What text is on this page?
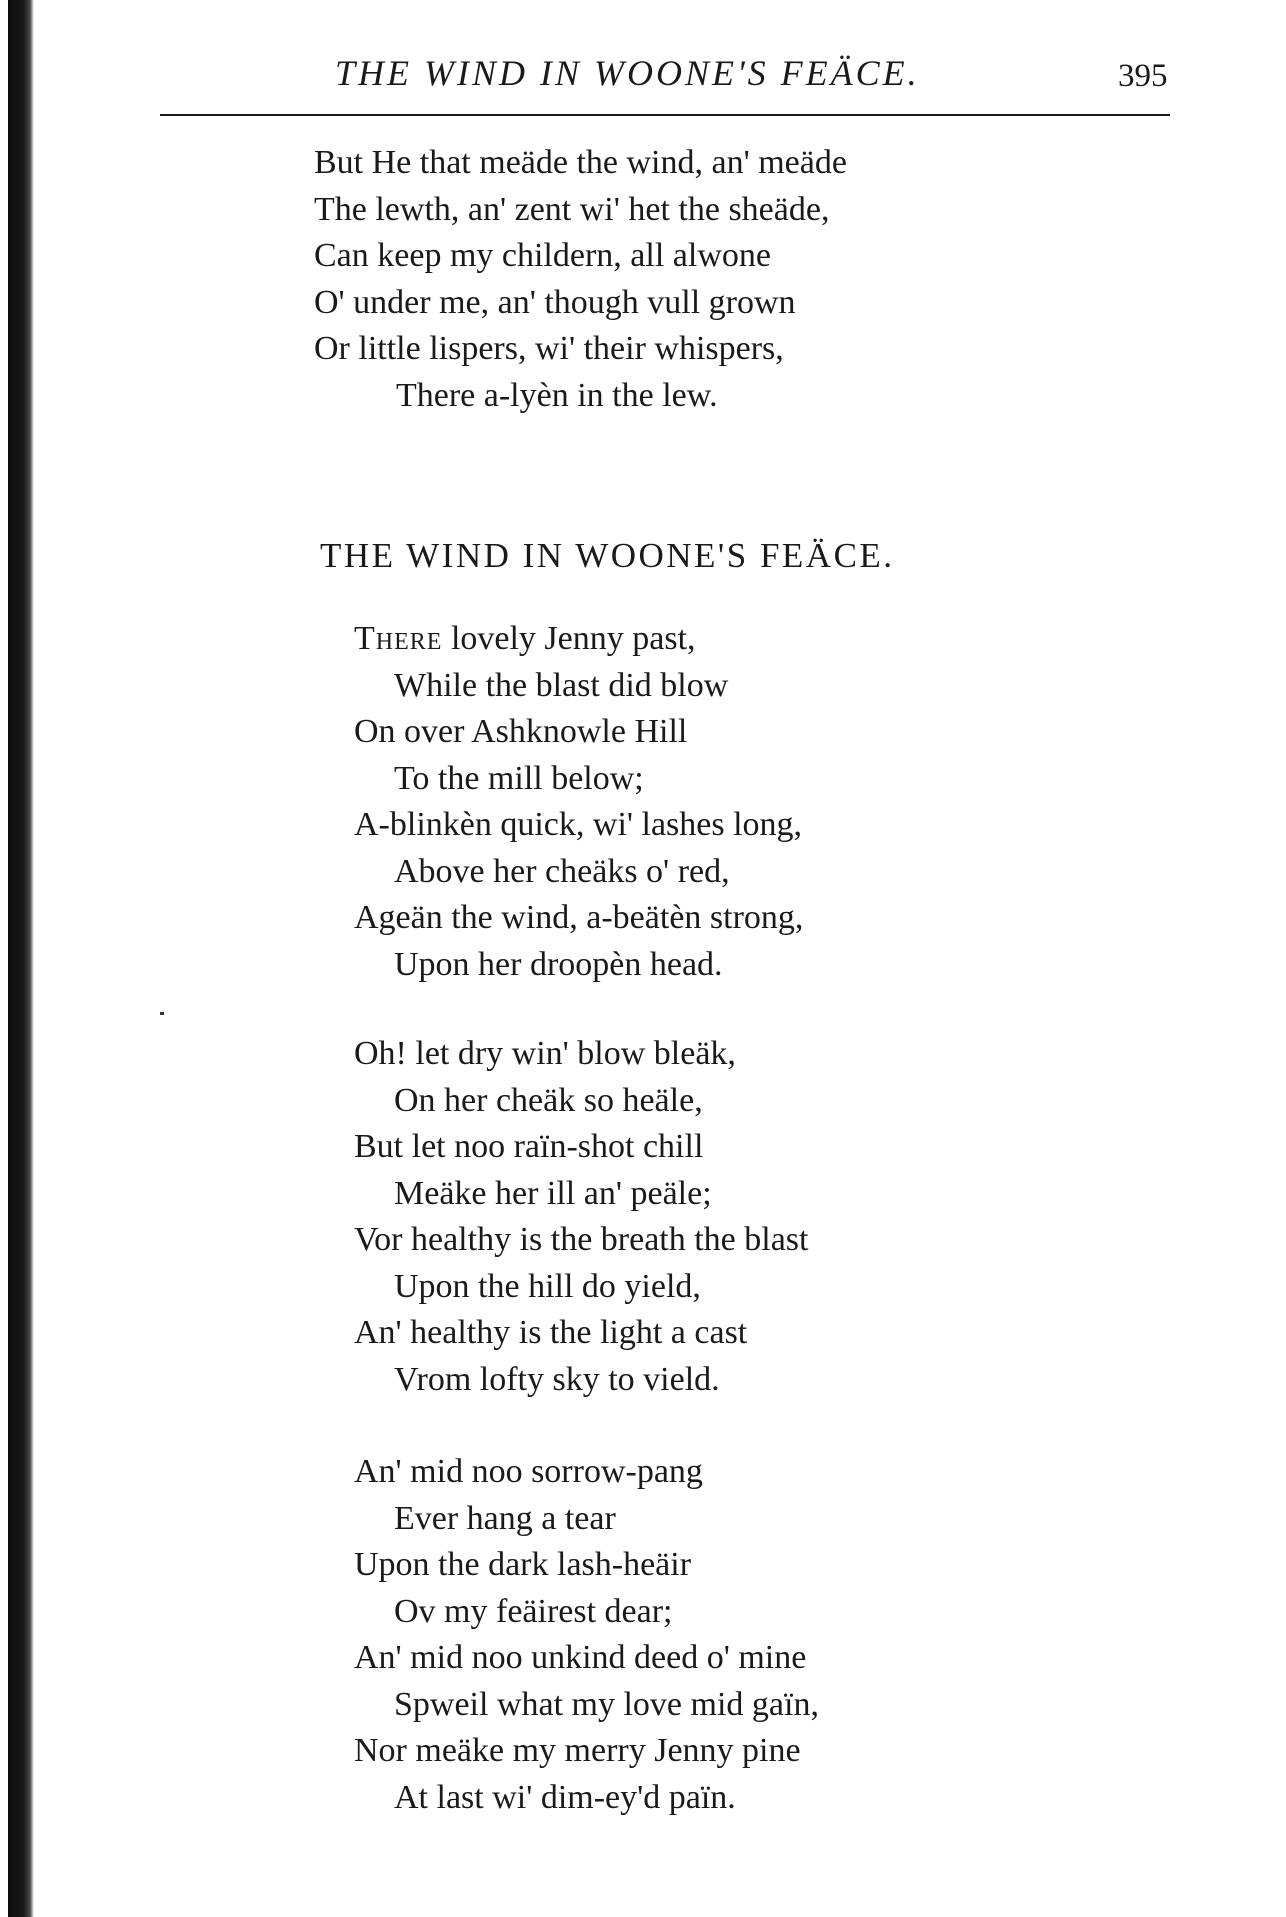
THE WIND IN WOONE'S FEÄCE.	395
But He that meäde the wind, an' meäde
The lewth, an' zent wi' het the sheäde,
Can keep my childern, all alwone
O' under me, an' though vull grown
Or little lispers, wi' their whispers,
There a-lyèn in the lew.
THE WIND IN WOONE'S FEÄCE.
There lovely Jenny past,
While the blast did blow
On over Ashknowle Hill
To the mill below;
A-blinkèn quick, wi' lashes long,
Above her cheäks o' red,
Ageän the wind, a-beätèn strong,
Upon her droopèn head.
Oh! let dry win' blow bleäk,
On her cheäk so heäle,
But let noo raïn-shot chill
Meäke her ill an' peäle;
Vor healthy is the breath the blast
Upon the hill do yield,
An' healthy is the light a cast
Vrom lofty sky to vield.
An' mid noo sorrow-pang
Ever hang a tear
Upon the dark lash-heäir
Ov my feäirest dear;
An' mid noo unkind deed o' mine
Spweil what my love mid gaïn,
Nor meäke my merry Jenny pine
At last wi' dim-ey'd païn.
